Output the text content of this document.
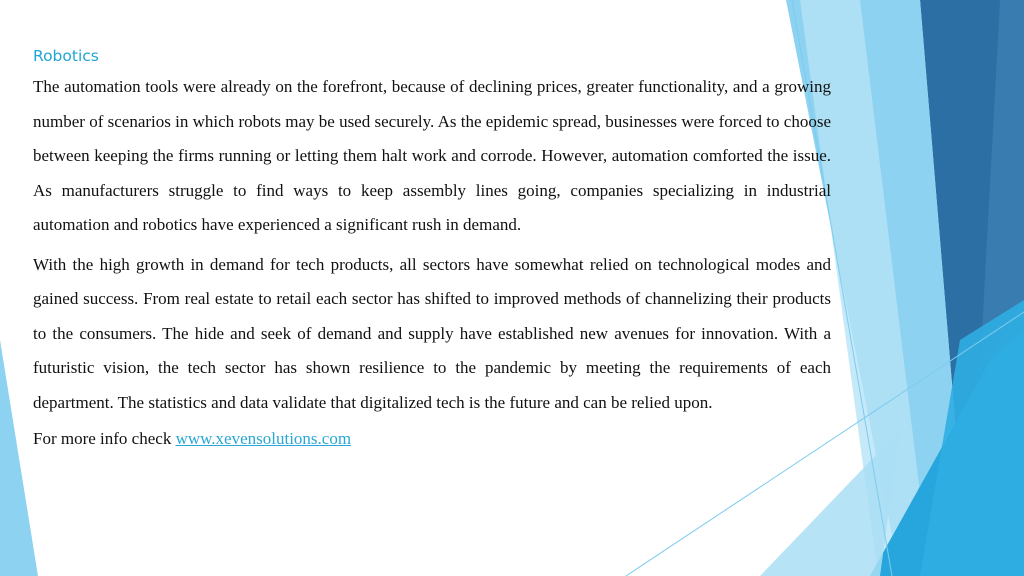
Robotics

The automation tools were already on the forefront, because of declining prices, greater functionality, and a growing number of scenarios in which robots may be used securely. As the epidemic spread, businesses were forced to choose between keeping the firms running or letting them halt work and corrode. However, automation comforted the issue. As manufacturers struggle to find ways to keep assembly lines going, companies specializing in industrial automation and robotics have experienced a significant rush in demand.

With the high growth in demand for tech products, all sectors have somewhat relied on technological modes and gained success. From real estate to retail each sector has shifted to improved methods of channelizing their products to the consumers. The hide and seek of demand and supply have established new avenues for innovation. With a futuristic vision, the tech sector has shown resilience to the pandemic by meeting the requirements of each department. The statistics and data validate that digitalized tech is the future and can be relied upon.

For more info check www.xevensolutions.com
